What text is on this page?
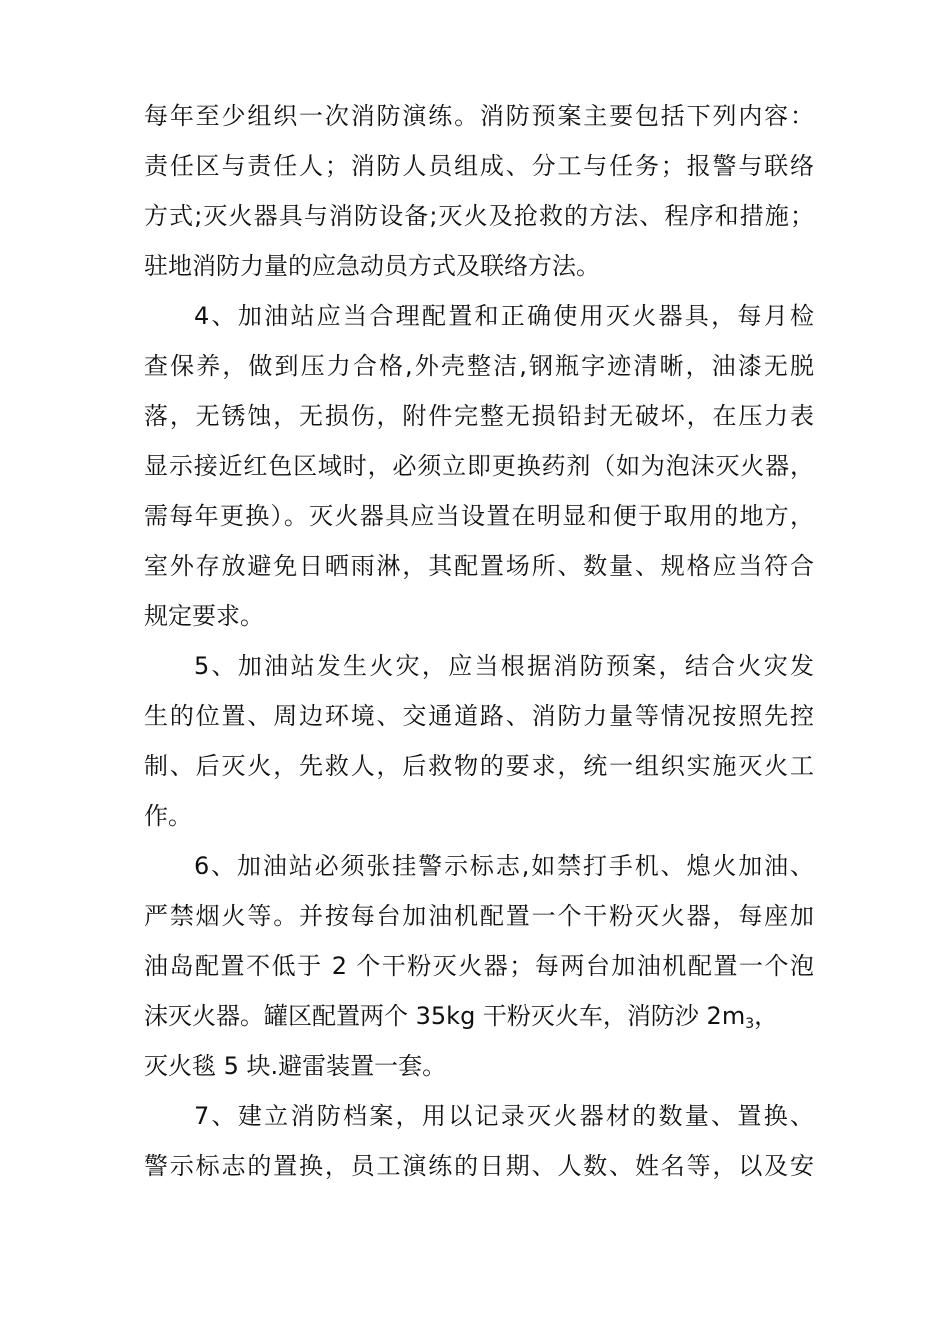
每年至少组织一次消防演练。消防预案主要包括下列内容：
责任区与责任人；消防人员组成、分工与任务；报警与联络
方式;灭火器具与消防设备;灭火及抢救的方法、程序和措施；
驻地消防力量的应急动员方式及联络方法。
4、加油站应当合理配置和正确使用灭火器具，每月检
查保养，做到压力合格,外壳整洁,钢瓶字迹清晰，油漆无脱
落，无锈蚀，无损伤，附件完整无损铅封无破坏，在压力表
显示接近红色区域时，必须立即更换药剂（如为泡沫灭火器，
需每年更换）。灭火器具应当设置在明显和便于取用的地方，
室外存放避免日晒雨淋，其配置场所、数量、规格应当符合
规定要求。
5、加油站发生火灾，应当根据消防预案，结合火灾发
生的位置、周边环境、交通道路、消防力量等情况按照先控
制、后灭火，先救人，后救物的要求，统一组织实施灭火工
作。
6、加油站必须张挂警示标志,如禁打手机、熄火加油、
严禁烟火等。并按每台加油机配置一个干粉灭火器，每座加
油岛配置不低于 2 个干粉灭火器；每两台加油机配置一个泡
沫灭火器。罐区配置两个 35kg 干粉灭火车，消防沙 $2m_3$，
灭火毯 5 块.避雷装置一套。
7、建立消防档案，用以记录灭火器材的数量、置换、
警示标志的置换，员工演练的日期、人数、姓名等，以及安
